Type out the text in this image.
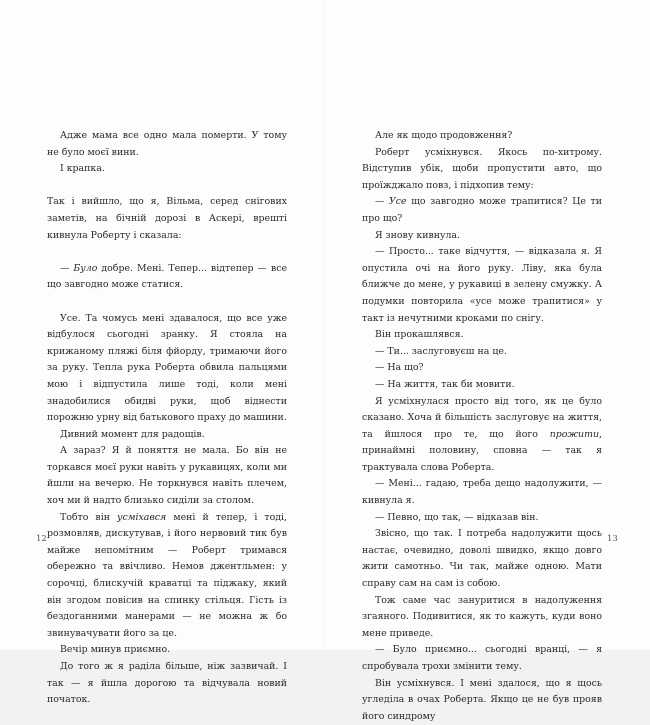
Адже мама все одно мала померти. У тому не було моєї вини.

І крапка.

Так і вийшло, що я, Вільма, серед снігових заметів, на бічній дорозі в Аскері, врешті кивнула Роберту і сказала:

— Було добре. Мені. Тепер... відтепер — все що завгодно може статися.

Усе. Та чомусь мені здавалося, що все уже відбулося сьогодні зранку. Я стояла на крижаному пляжі біля фйорду, тримаючи його за руку. Тепла рука Роберта обвила пальцями мою і відпустила лише тоді, коли мені знадобилися обидві руки, щоб віднести порожню урну від батькового праху до машини.

Дивний момент для радощів.

А зараз? Я й поняття не мала. Бо він не торкався моєї руки навіть у рукавицях, коли ми йшли на вечерю. Не торкнувся навіть плечем, хоч ми й надто близько сиділи за столом.

Тобто він усміхався мені й тепер, і тоді, розмовляв, дискутував, і його нервовий тик був майже непомітним — Роберт тримався обережно та ввічливо. Немов джентльмен: у сорочці, блискучій краватці та піджаку, який він згодом повісив на спинку стільця. Гість із бездоганними манерами — не можна ж бо звинувачувати його за це.

Вечір минув приємно.

До того ж я раділа більше, ніж зазвичай. І так — я йшла дорогою та відчувала новий початок.

12

Але як щодо продовження?

Роберт усміхнувся. Якось по-хитрому. Відступив убік, щоби пропустити авто, що проїжджало повз, і підхопив тему:

— Усе що завгодно може трапитися? Це ти про що?

Я знову кивнула.

— Просто... таке відчуття, — відказала я. Я опустила очі на його руку. Ліву, яка була ближче до мене, у рукавиці в зелену смужку. А подумки повторила «усе може трапитися» у такт із нечутними кроками по снігу.

Він прокашлявся.

— Ти... заслуговуєш на це.

— На що?

— На життя, так би мовити.

Я усміхнулася просто від того, як це було сказано. Хоча й більшість заслуговує на життя, та йшлося про те, що його прожити, принаймні половину, сповна — так я трактувала слова Роберта.

— Мені... гадаю, треба дещо надолужити, — кивнула я.

— Певно, що так, — відказав він.

Звісно, що так. І потреба надолужити щось настає, очевидно, доволі швидко, якщо довго жити самотньо. Чи так, майже одною. Мати справу сам на сам із собою.

Тож саме час зануритися в надолуження згаяного. Подивитися, як то кажуть, куди воно мене приведе.

— Було приємно... сьогодні вранці, — я спробувала трохи змінити тему.

Він усміхнувся. І мені здалося, що я щось угледіла в очах Роберта. Якщо це не був прояв його синдрому

13
